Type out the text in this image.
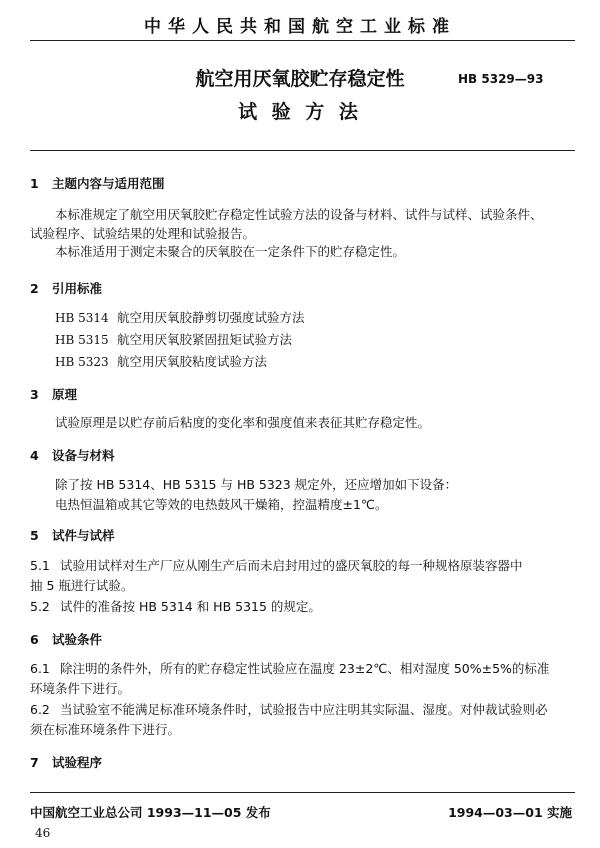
中华人民共和国航空工业标准
航空用厌氧胶贮存稳定性	HB 5329—93
试 验 方 法
1 主题内容与适用范围
本标准规定了航空用厌氧胶贮存稳定性试验方法的设备与材料、试件与试样、试验条件、
试验程序、试验结果的处理和试验报告。
本标准适用于测定未聚合的厌氧胶在一定条件下的贮存稳定性。
2 引用标准
HB 5314 航空用厌氧胶静剪切强度试验方法
HB 5315 航空用厌氧胶紧固扭矩试验方法
HB 5323 航空用厌氧胶粘度试验方法
3 原理
试验原理是以贮存前后粘度的变化率和强度值来表征其贮存稳定性。
4 设备与材料
除了按 HB 5314、HB 5315 与 HB 5323 规定外，还应增加如下设备：
电热恒温箱或其它等效的电热鼓风干燥箱，控温精度±1℃。
5 试件与试样
5.1 试验用试样对生产厂应从刚生产后而未启封用过的盛厌氧胶的每一种规格原装容器中
抽 5 瓶进行试验。
5.2 试件的准备按 HB 5314 和 HB 5315 的规定。
6 试验条件
6.1 除注明的条件外，所有的贮存稳定性试验应在温度 23±2℃、相对湿度 50%±5%的标准
环境条件下进行。
6.2 当试验室不能满足标准环境条件时，试验报告中应注明其实际温、湿度。对仲裁试验则必
须在标准环境条件下进行。
7 试验程序
中国航空工业总公司 1993—11—05 发布	1994—03—01 实施
46
